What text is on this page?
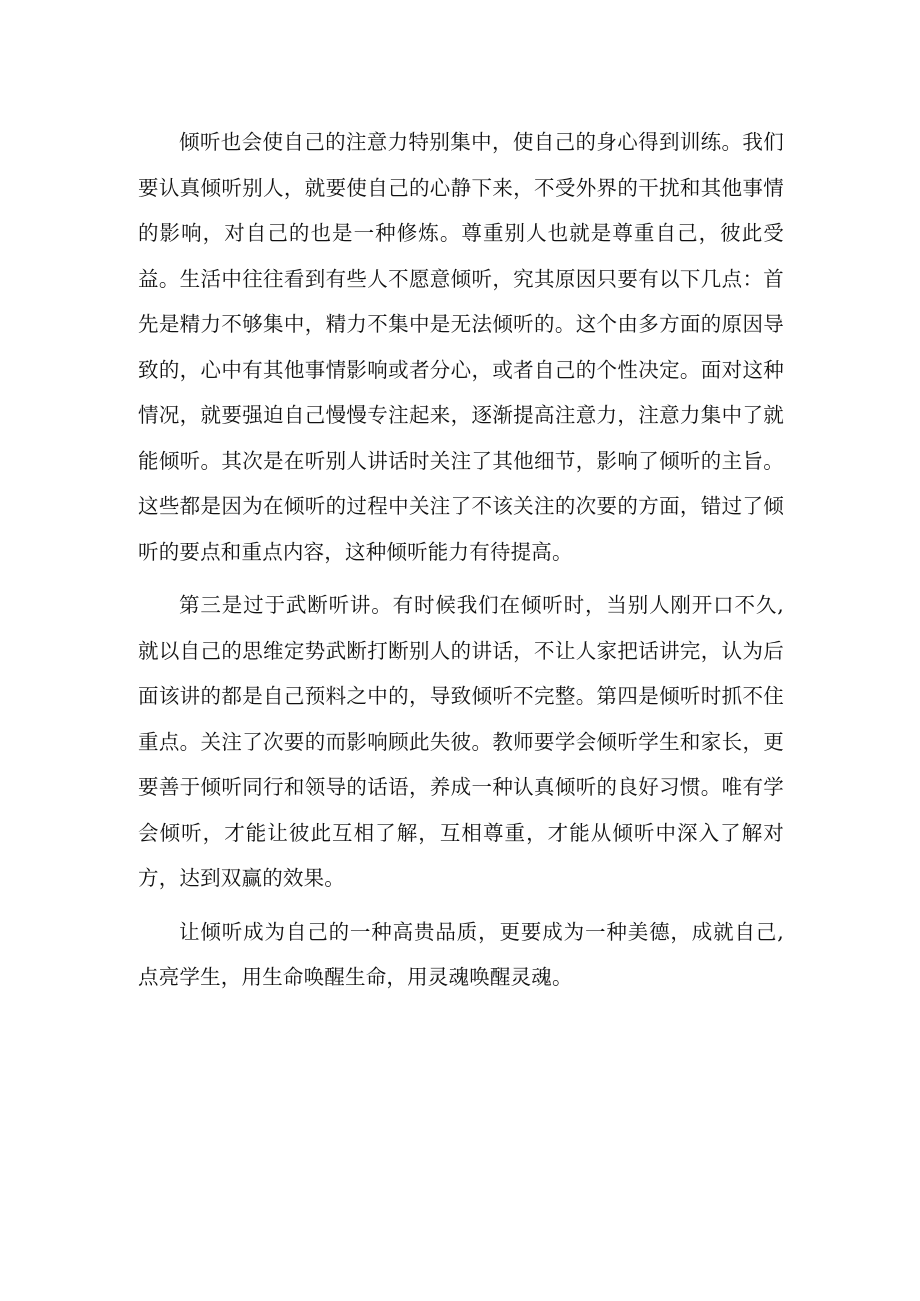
倾听也会使自己的注意力特别集中，使自己的身心得到训练。我们要认真倾听别人，就要使自己的心静下来，不受外界的干扰和其他事情的影响，对自己的也是一种修炼。尊重别人也就是尊重自己，彼此受益。生活中往往看到有些人不愿意倾听，究其原因只要有以下几点：首先是精力不够集中，精力不集中是无法倾听的。这个由多方面的原因导致的，心中有其他事情影响或者分心，或者自己的个性决定。面对这种情况，就要强迫自己慢慢专注起来，逐渐提高注意力，注意力集中了就能倾听。其次是在听别人讲话时关注了其他细节，影响了倾听的主旨。这些都是因为在倾听的过程中关注了不该关注的次要的方面，错过了倾听的要点和重点内容，这种倾听能力有待提高。

第三是过于武断听讲。有时候我们在倾听时，当别人刚开口不久,就以自己的思维定势武断打断别人的讲话，不让人家把话讲完，认为后面该讲的都是自己预料之中的，导致倾听不完整。第四是倾听时抓不住重点。关注了次要的而影响顾此失彼。教师要学会倾听学生和家长，更要善于倾听同行和领导的话语，养成一种认真倾听的良好习惯。唯有学会倾听，才能让彼此互相了解，互相尊重，才能从倾听中深入了解对方，达到双赢的效果。

让倾听成为自己的一种高贵品质，更要成为一种美德，成就自己,点亮学生，用生命唤醒生命，用灵魂唤醒灵魂。
